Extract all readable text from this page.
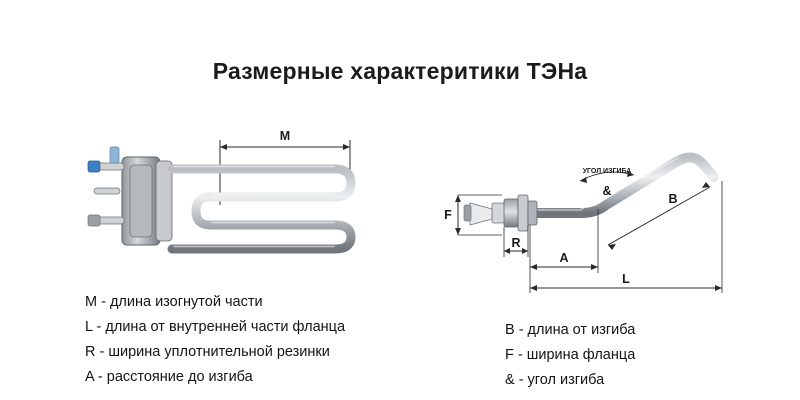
Размерные характеритики ТЭНа
M
M - длина изогнутой части
L - длина от внутренней части фланца
R - ширина уплотнительной резинки
A - расстояние до изгиба
УГОЛ ИЗГИБА
&
B
F
R
A
L
B - длина от изгиба
F - ширина фланца
& - угол изгиба
